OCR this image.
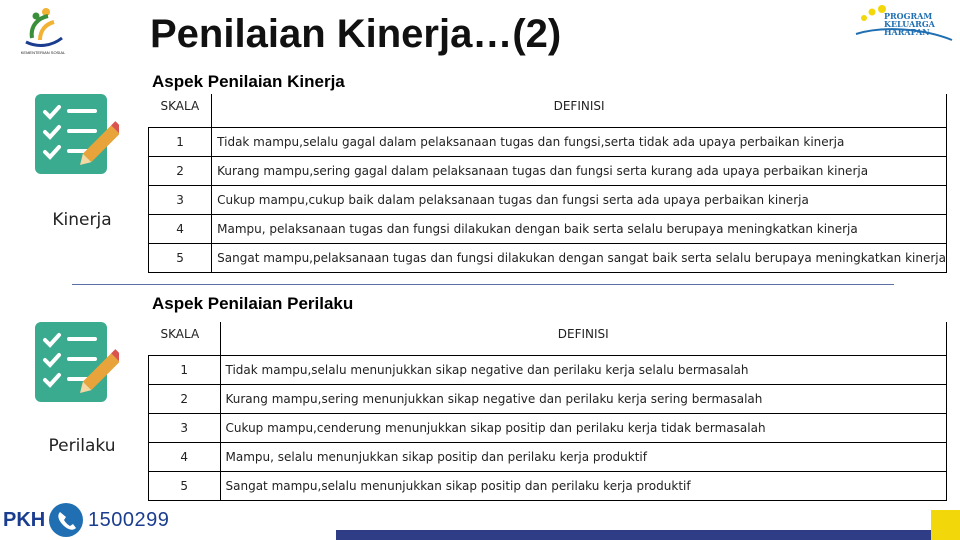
KEMENTERIAN SOSIAL	Penilaian Kinerja…(2)	PROGRAM
KELUARGA
HARAPAN
Aspek Penilaian Kinerja
Kinerja
SKALA	DEFINISI
1	Tidak mampu,selalu gagal dalam pelaksanaan tugas dan fungsi,serta tidak ada upaya perbaikan kinerja
2	Kurang mampu,sering gagal dalam pelaksanaan tugas dan fungsi serta kurang ada upaya perbaikan kinerja
3	Cukup mampu,cukup baik dalam pelaksanaan tugas dan fungsi serta ada upaya perbaikan kinerja
4	Mampu, pelaksanaan tugas dan fungsi dilakukan dengan baik serta selalu berupaya meningkatkan kinerja
5	Sangat mampu,pelaksanaan tugas dan fungsi dilakukan dengan sangat baik serta selalu berupaya meningkatkan kinerja
Aspek Penilaian Perilaku
Perilaku
SKALA	DEFINISI
1	Tidak mampu,selalu menunjukkan sikap negative dan perilaku kerja selalu bermasalah
2	Kurang mampu,sering menunjukkan sikap negative dan perilaku kerja sering bermasalah
3	Cukup mampu,cenderung menunjukkan sikap positip dan perilaku kerja tidak bermasalah
4	Mampu, selalu menunjukkan sikap positip dan perilaku kerja produktif
5	Sangat mampu,selalu menunjukkan sikap positip dan perilaku kerja produktif
PKH 1500299
